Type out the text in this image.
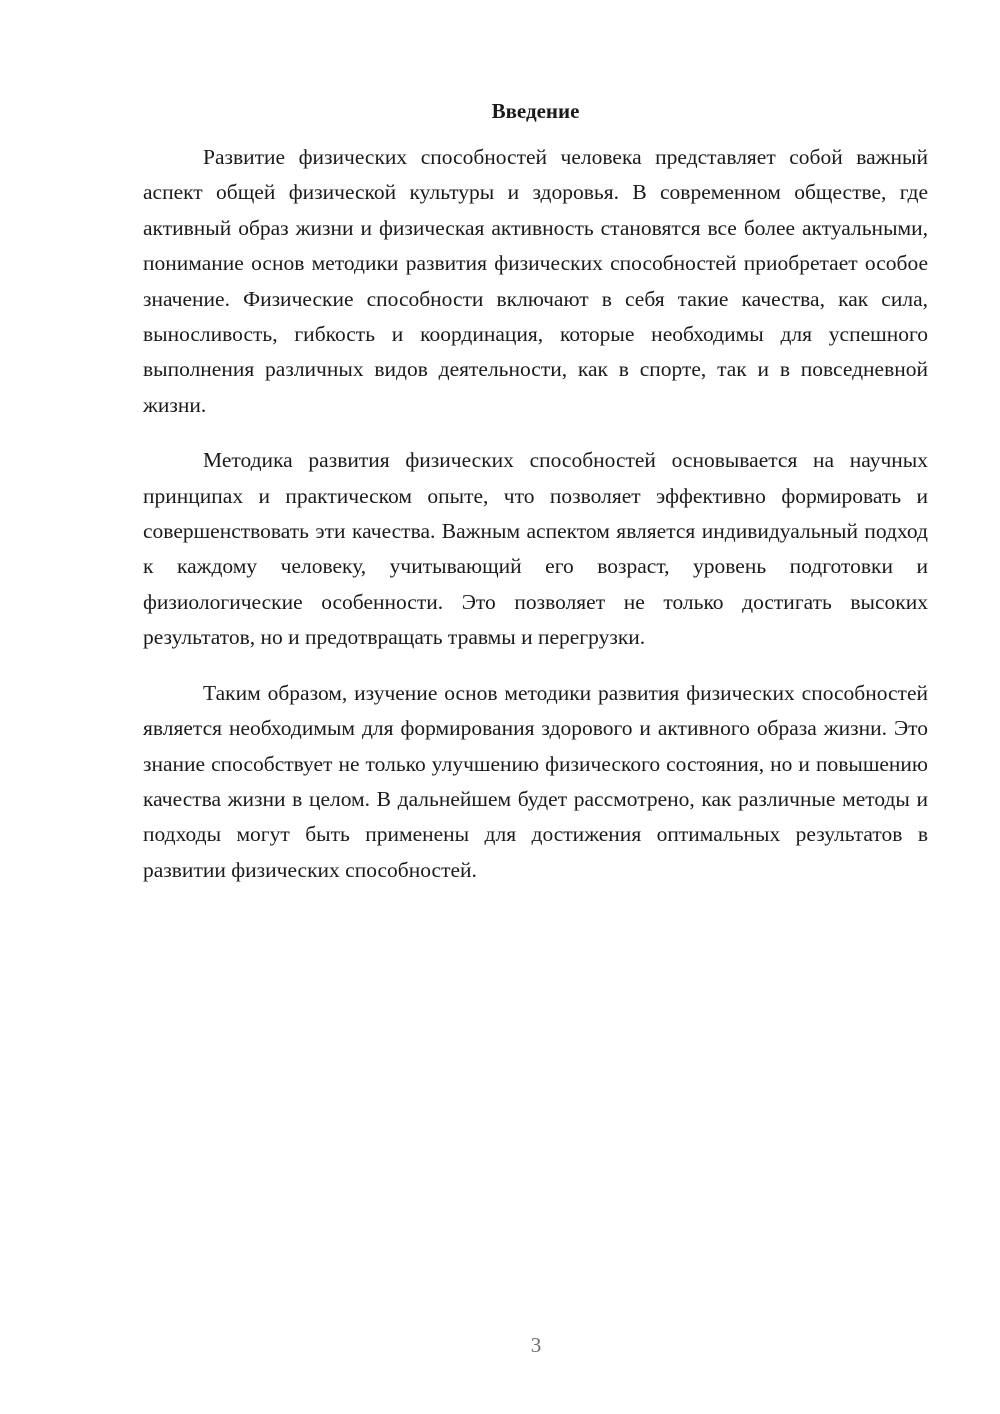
Введение

Развитие физических способностей человека представляет собой важный аспект общей физической культуры и здоровья. В современном обществе, где активный образ жизни и физическая активность становятся все более актуальными, понимание основ методики развития физических способностей приобретает особое значение. Физические способности включают в себя такие качества, как сила, выносливость, гибкость и координация, которые необходимы для успешного выполнения различных видов деятельности, как в спорте, так и в повседневной жизни.

Методика развития физических способностей основывается на научных принципах и практическом опыте, что позволяет эффективно формировать и совершенствовать эти качества. Важным аспектом является индивидуальный подход к каждому человеку, учитывающий его возраст, уровень подготовки и физиологические особенности. Это позволяет не только достигать высоких результатов, но и предотвращать травмы и перегрузки.

Таким образом, изучение основ методики развития физических способностей является необходимым для формирования здорового и активного образа жизни. Это знание способствует не только улучшению физического состояния, но и повышению качества жизни в целом. В дальнейшем будет рассмотрено, как различные методы и подходы могут быть применены для достижения оптимальных результатов в развитии физических способностей.

3
